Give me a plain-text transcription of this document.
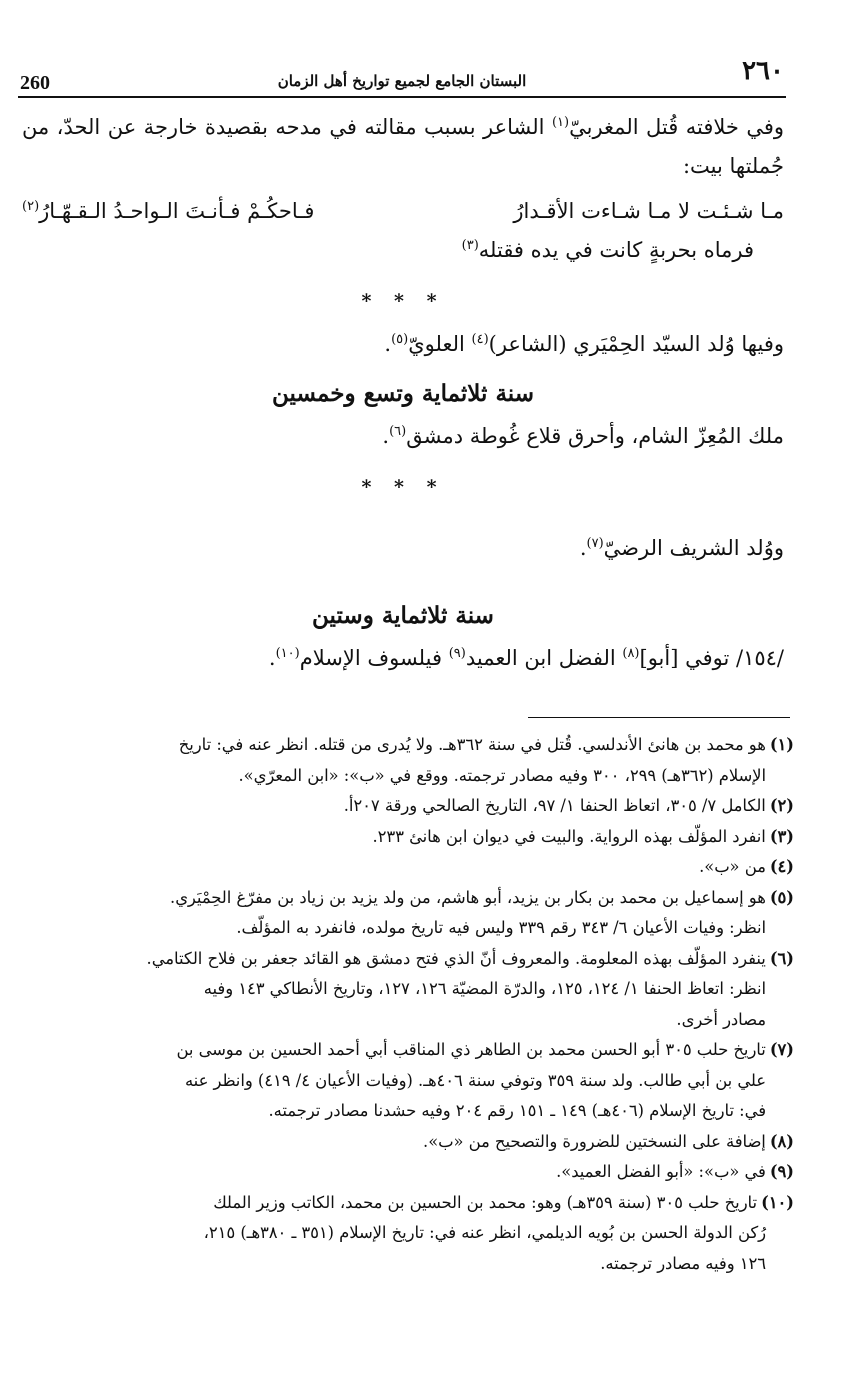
٢٦٠
البستان الجامع لجميع تواريخ أهل الزمان
260

وفي خلافته قُتل المغربيّ$^{(١)}$ الشاعر بسبب مقالته في مدحه بقصيدة خارجة عن الحدّ، من جُملتها بيت:

مـا شـئـت لا مـا شـاءت الأقـدارُ
فـاحكُـمْ فـأنـتَ الـواحـدُ الـقـهّـارُ$^{(٢)}$

فرماه بحربةٍ كانت في يده فقتله$^{(٣)}$

* * *

وفيها وُلد السيّد الحِمْيَري (الشاعر)$^{(٤)}$ العلويّ$^{(٥)}$.

سنة ثلاثماية وتسع وخمسين

ملك المُعِزّ الشام، وأحرق قلاع غُوطة دمشق$^{(٦)}$.

* * *

ووُلد الشريف الرضيّ$^{(٧)}$.

سنة ثلاثماية وستين

/١٥٤/ توفي [أبو]$^{(٨)}$ الفضل ابن العميد$^{(٩)}$ فيلسوف الإسلام$^{(١٠)}$.

(١)هو محمد بن هانئ الأندلسي. قُتل في سنة ٣٦٢هـ. ولا يُدرى من قتله. انظر عنه في: تاريخ
الإسلام (٣٦٢هـ) ٢٩٩، ٣٠٠ وفيه مصادر ترجمته. ووقع في «ب»: «ابن المعرّي».
(٢)الكامل ٧/ ٣٠٥، اتعاظ الحنفا ١/ ٩٧، التاريخ الصالحي ورقة ٢٠٧أ.
(٣)انفرد المؤلّف بهذه الرواية. والبيت في ديوان ابن هانئ ٢٣٣.
(٤)من «ب».
(٥)هو إسماعيل بن محمد بن بكار بن يزيد، أبو هاشم، من ولد يزيد بن زياد بن مفرّغ الحِمْيَري.
انظر: وفيات الأعيان ٦/ ٣٤٣ رقم ٣٣٩ وليس فيه تاريخ مولده، فانفرد به المؤلّف.
(٦)ينفرد المؤلّف بهذه المعلومة. والمعروف أنّ الذي فتح دمشق هو القائد جعفر بن فلاح الكتامي.
انظر: اتعاظ الحنفا ١/ ١٢٤، ١٢٥، والدرّة المضيّة ١٢٦، ١٢٧، وتاريخ الأنطاكي ١٤٣ وفيه
مصادر أخرى.
(٧)تاريخ حلب ٣٠٥ أبو الحسن محمد بن الطاهر ذي المناقب أبي أحمد الحسين بن موسى بن
علي بن أبي طالب. ولد سنة ٣٥٩ وتوفي سنة ٤٠٦هـ. (وفيات الأعيان ٤/ ٤١٩) وانظر عنه
في: تاريخ الإسلام (٤٠٦هـ) ١٤٩ ـ ١٥١ رقم ٢٠٤ وفيه حشدنا مصادر ترجمته.
(٨)إضافة على النسختين للضرورة والتصحيح من «ب».
(٩)في «ب»: «أبو الفضل العميد».
(١٠)تاريخ حلب ٣٠٥ (سنة ٣٥٩هـ) وهو: محمد بن الحسين بن محمد، الكاتب وزير الملك
رُكن الدولة الحسن بن بُويه الديلمي، انظر عنه في: تاريخ الإسلام (٣٥١ ـ ٣٨٠هـ) ٢١٥،
١٢٦ وفيه مصادر ترجمته.
